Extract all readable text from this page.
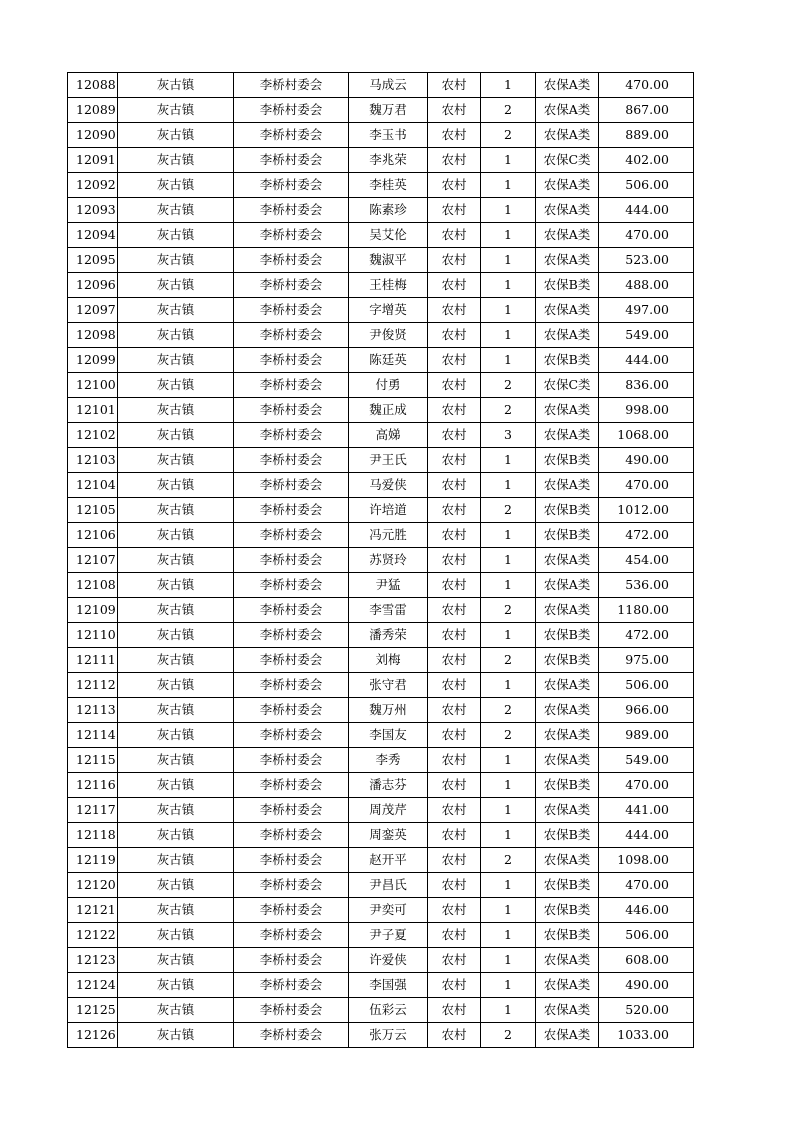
12088	灰古镇	李桥村委会	马成云	农村	1	农保A类	470.00
12089	灰古镇	李桥村委会	魏万君	农村	2	农保A类	867.00
12090	灰古镇	李桥村委会	李玉书	农村	2	农保A类	889.00
12091	灰古镇	李桥村委会	李兆荣	农村	1	农保C类	402.00
12092	灰古镇	李桥村委会	李桂英	农村	1	农保A类	506.00
12093	灰古镇	李桥村委会	陈素珍	农村	1	农保A类	444.00
12094	灰古镇	李桥村委会	吴艾伦	农村	1	农保A类	470.00
12095	灰古镇	李桥村委会	魏淑平	农村	1	农保A类	523.00
12096	灰古镇	李桥村委会	王桂梅	农村	1	农保B类	488.00
12097	灰古镇	李桥村委会	字增英	农村	1	农保A类	497.00
12098	灰古镇	李桥村委会	尹俊贤	农村	1	农保A类	549.00
12099	灰古镇	李桥村委会	陈廷英	农村	1	农保B类	444.00
12100	灰古镇	李桥村委会	付勇	农村	2	农保C类	836.00
12101	灰古镇	李桥村委会	魏正成	农村	2	农保A类	998.00
12102	灰古镇	李桥村委会	高娣	农村	3	农保A类	1068.00
12103	灰古镇	李桥村委会	尹王氏	农村	1	农保B类	490.00
12104	灰古镇	李桥村委会	马爱侠	农村	1	农保A类	470.00
12105	灰古镇	李桥村委会	许培道	农村	2	农保B类	1012.00
12106	灰古镇	李桥村委会	冯元胜	农村	1	农保B类	472.00
12107	灰古镇	李桥村委会	苏贤玲	农村	1	农保A类	454.00
12108	灰古镇	李桥村委会	尹猛	农村	1	农保A类	536.00
12109	灰古镇	李桥村委会	李雪雷	农村	2	农保A类	1180.00
12110	灰古镇	李桥村委会	潘秀荣	农村	1	农保B类	472.00
12111	灰古镇	李桥村委会	刘梅	农村	2	农保B类	975.00
12112	灰古镇	李桥村委会	张守君	农村	1	农保A类	506.00
12113	灰古镇	李桥村委会	魏万州	农村	2	农保A类	966.00
12114	灰古镇	李桥村委会	李国友	农村	2	农保A类	989.00
12115	灰古镇	李桥村委会	李秀	农村	1	农保A类	549.00
12116	灰古镇	李桥村委会	潘志芬	农村	1	农保B类	470.00
12117	灰古镇	李桥村委会	周茂芹	农村	1	农保A类	441.00
12118	灰古镇	李桥村委会	周銮英	农村	1	农保B类	444.00
12119	灰古镇	李桥村委会	赵开平	农村	2	农保A类	1098.00
12120	灰古镇	李桥村委会	尹昌氏	农村	1	农保B类	470.00
12121	灰古镇	李桥村委会	尹奕可	农村	1	农保B类	446.00
12122	灰古镇	李桥村委会	尹子夏	农村	1	农保B类	506.00
12123	灰古镇	李桥村委会	许爱侠	农村	1	农保A类	608.00
12124	灰古镇	李桥村委会	李国强	农村	1	农保A类	490.00
12125	灰古镇	李桥村委会	伍彩云	农村	1	农保A类	520.00
12126	灰古镇	李桥村委会	张万云	农村	2	农保A类	1033.00
